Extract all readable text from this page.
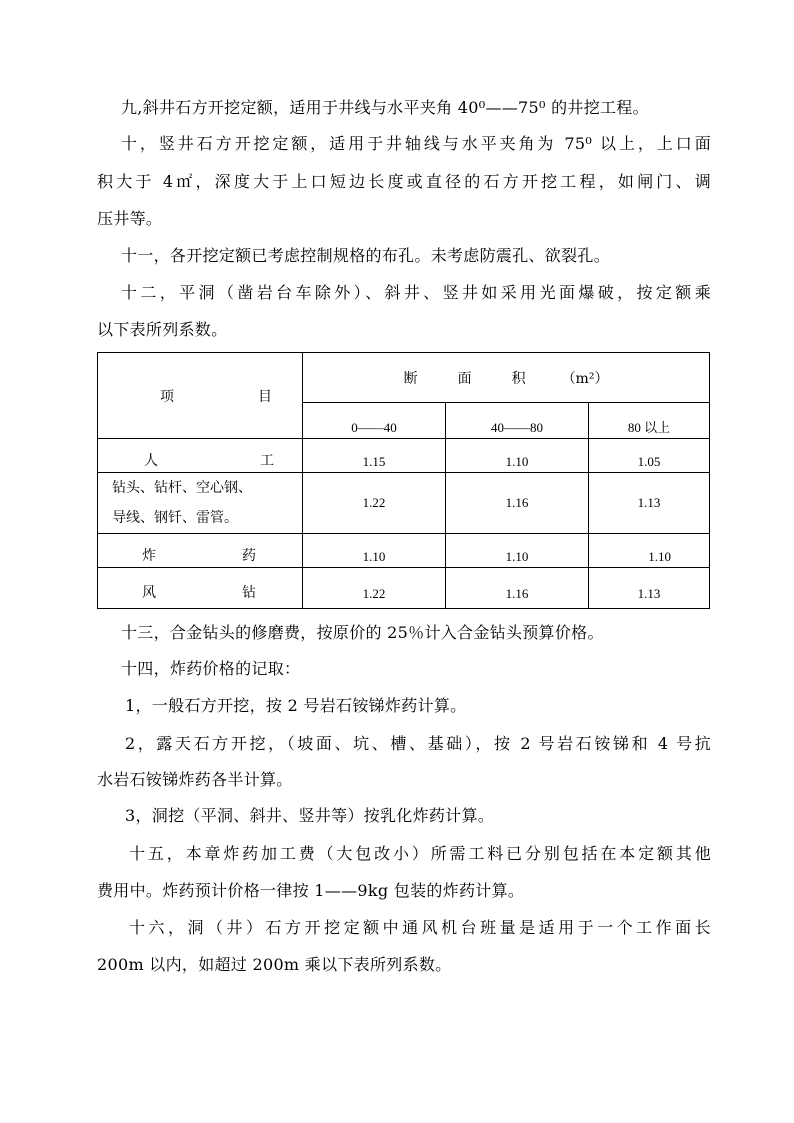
九,斜井石方开挖定额，适用于井线与水平夹角 40⁰——75⁰ 的井挖工程。
十，竖井石方开挖定额，适用于井轴线与水平夹角为 75⁰ 以上，上口面
积大于 4㎡，深度大于上口短边长度或直径的石方开挖工程，如闸门、调
压井等。
十一，各开挖定额已考虑控制规格的布孔。未考虑防震孔、欲裂孔。
十二，平洞（凿岩台车除外）、斜井、竖井如采用光面爆破，按定额乘
以下表所列系数。
项 目	断 面 积 （m²）		

	0——40	40——80	80 以上

人 工	1.15	1.10	1.05

钻头、钻杆、空心钢、
导线、钢钎、雷管。	1.22	1.16	1.13

炸 药	1.10	1.10	1.10

风 钻	1.22	1.16	1.13
十三，合金钻头的修磨费，按原价的 25％计入合金钻头预算价格。
十四，炸药价格的记取：
1，一般石方开挖，按 2 号岩石铵锑炸药计算。
2，露天石方开挖，（坡面、坑、槽、基础），按 2 号岩石铵锑和 4 号抗
水岩石铵锑炸药各半计算。
3，洞挖（平洞、斜井、竖井等）按乳化炸药计算。
十五，本章炸药加工费（大包改小）所需工料已分别包括在本定额其他
费用中。炸药预计价格一律按 1——9kg 包装的炸药计算。
十六，洞（井）石方开挖定额中通风机台班量是适用于一个工作面长
200m 以内，如超过 200m 乘以下表所列系数。
